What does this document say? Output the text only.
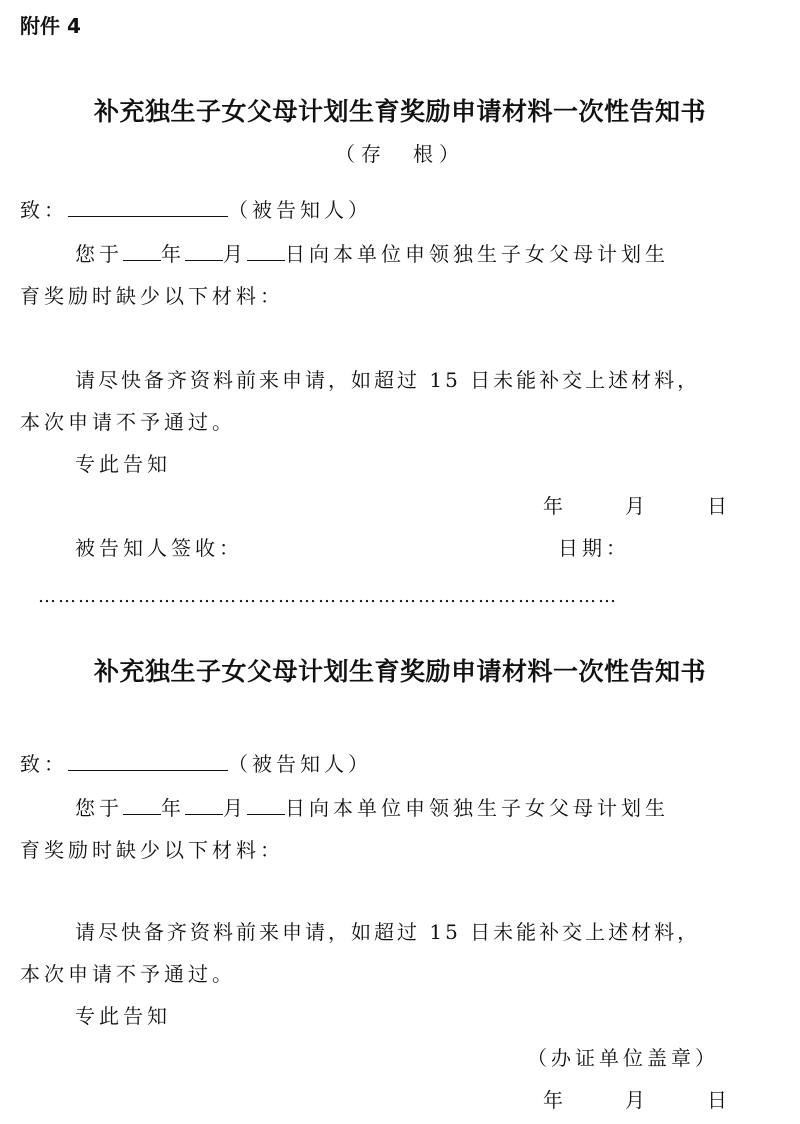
附件 4
补充独生子女父母计划生育奖励申请材料一次性告知书
（存　根）
致：	（被告知人）
您于 年 月 日向本单位申领独生子女父母计划生
育奖励时缺少以下材料：
请尽快备齐资料前来申请，如超过 15 日未能补交上述材料，
本次申请不予通过。
专此告知
年	月	日
被告知人签收：	日期：
……………………………………………………………………………
补充独生子女父母计划生育奖励申请材料一次性告知书
致：	（被告知人）
您于 年 月 日向本单位申领独生子女父母计划生
育奖励时缺少以下材料：
请尽快备齐资料前来申请，如超过 15 日未能补交上述材料，
本次申请不予通过。
专此告知
（办证单位盖章）
年	月	日
